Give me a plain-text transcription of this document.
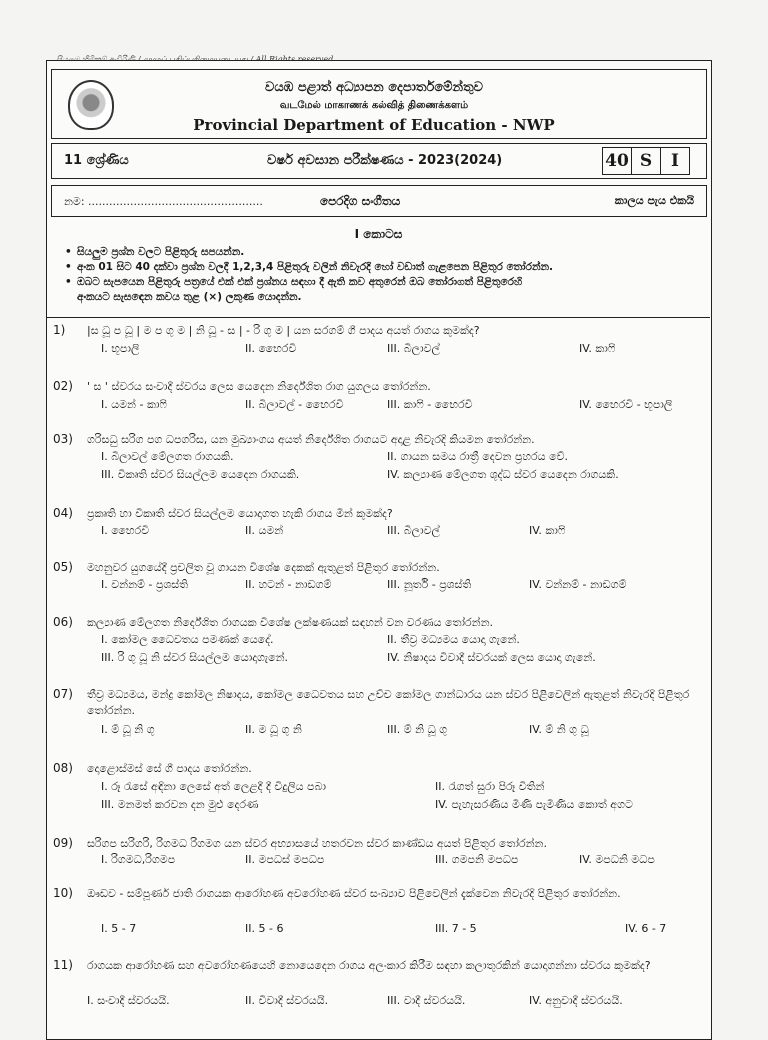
වයඹ පළාත් අධ්‍යාපන දෙපාර්තමේන්තුව
வடமேல் மாகாணக் கல்வித் திணைக்களம்
Provincial Department of Education - NWP
11 ශ්‍රේණිය	වර්ෂ අවසාන පරීක්ෂණය - 2023(2024)	40 S	I
නම: ..................................................	පෙරදිග සංගීතය	කාලය පැය එකයි
I කොටස
• සියලුම ප්‍රශ්න වලට පිළිතුරු සපයන්න.
• අංක 01 සිට 40 දක්වා ප්‍රශ්න වලදී 1,2,3,4 පිළිතුරු වලින් නිවැරදි හෝ වඩාත් ගැළපෙන පිළිතුර තෝරන්න.
• ඔබට සැපයෙන පිළිතුරු පත්‍රයේ එක් එක් ප්‍රශ්නය සඳහා දී ඇති කව අතුරෙන් ඔබ තෝරාගත් පිළිතුරෙහි
අංකයට සැසඳෙන කවය තුළ (×) ලකුණ යොදන්න.
1) |ස ධූ ප ධූ | ම ප ගු ම | නි ධූ - ස | - රි ගු ම | යන සරගම් ගී පාදය අයත් රාගය කුමක්ද?
I. භූපාලි	II. භෛරවී	III. බිලාවල්	IV. කාෆි
02) ' ස ' ස්වරය සංවාදී ස්වරය ලෙස යෙදෙන නිර්දේශිත රාග යුගලය තෝරන්න.
I. යමන් - කාෆි	II. බිලාවල් - භෛරවී	III. කාෆි - භෛරවී	IV. භෛරවී - භූපාලි
03) ගරිසධු සරිග පග ධපගරිස, යන මුඛ්‍යාංගය අයත් නිර්දේශිත රාගයට අදාළ නිවැරදි කියමන තෝරන්න.
I. බිලාවල් මේලගත රාගයකි.	II. ගායන සමය රාත්‍රී දෙවන ප්‍රහරය වේ.
III. විකෘති ස්වර සියල්ලම යෙදෙන රාගයකි.	IV. කල්‍යාණ මේලගත ශුද්ධ ස්වර යෙදෙන රාගයකි.
04) ප්‍රකෘති හා විකෘති ස්වර සියල්ලම යොදාගත හැකි රාගය මින් කුමක්ද?
I. භෛරවී	II. යමන්	III. බිලාවල්	IV. කාෆි
05) මහනුවර යුගයේදී ප්‍රචලිත වූ ගායන විශේෂ දෙකක් ඇතුළත් පිළිතුර තෝරන්න.
I. වන්නම් - ප්‍රශස්ති	II. හටන් - නාඩගම්	III. නූර්ති - ප්‍රශස්ති	IV. වන්නම් - නාඩගම්
06) කල්‍යාණ මේලගත නිර්දේශිත රාගයක විශේෂ ලක්ෂණයක් සඳහන් වන වරණය තෝරන්න.
I. කෝමල ධෛවතය පමණක් යෙදේ.	II. තීව්‍ර මධ්‍යමය යොදා ගැනේ.
III. රි ගු ධූ නි ස්වර සියල්ලම යොදාගැනේ.	IV. නිෂාදය විවාදී ස්වරයක් ලෙස යොදා ගැනේ.
07) තීව්‍ර මධ්‍යමය, මන්ද්‍ර කෝමල නිෂාදය, කෝමල ධෛවතය සහ උච්ච කෝමල ගාන්ධාරය යන ස්වර පිළිවෙලින් ඇතුළත් නිවැරදි පිළිතුර තෝරන්න.
I. ම් ධූ නි ගු	II. ම ධූ ගු නි	III. ම් නි ධූ ගු	IV. ම් නි ගු ධූ
08) දොළොස්මස් සේ ගී පාදය තෝරන්න.
I. රූ රැසේ අඳිනා ලෙසේ අත් ලෙළදී දී විදුලිය පබා	II. රැගත් සුරා පිරූ විතින්
III. මනමත් කරවන දන මුළු දෙරණ	IV. පැහැසරණිය මිණි පැමිණිය කොත් අගට
09) සරිගප සරිගරි, රිගමධ රිගමග යන ස්වර අභ්‍යාසයේ හතරවන ස්වර කාණ්ඩය අයත් පිළිතුර තෝරන්න.
I. රිගමධ,රිගමප	II. මපධස් මපධප	III. ගමපනි මපධප	IV. මපධනි මධප
10) ඖඩව - සම්පූර්ණ ජාති රාගයක ආරෝහණ අවරෝහණ ස්වර සංඛ්‍යාව පිළිවෙලින් දැක්වෙන නිවැරදි පිළිතුර තෝරන්න.
I. 5 - 7	II. 5 - 6	III. 7 - 5	IV. 6 - 7
11) රාගයක ආරෝහණ සහ අවරෝහණයෙහි නොයෙදෙන රාගය අලංකාර කිරීම සඳහා කලාතුරකින් යොදාගන්නා ස්වරය කුමක්ද?
I. සංවාදී ස්වරයයි.	II. විවාදී ස්වරයයි.	III. වාදී ස්වරයයි.	IV. අනුවාදී ස්වරයයි.
